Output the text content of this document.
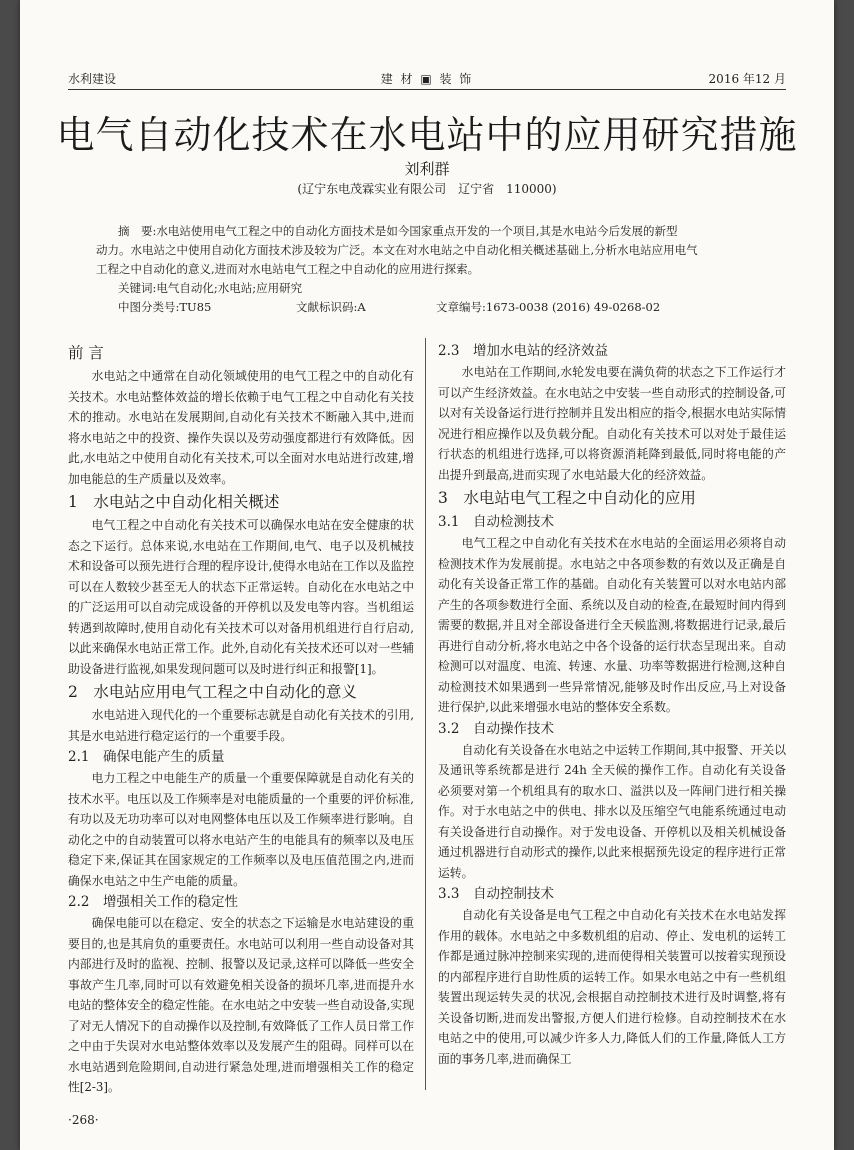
水利建设	建 材 ▣ 装 饰	2016 年12 月
电气自动化技术在水电站中的应用研究措施
刘利群
(辽宁东电茂霖实业有限公司　辽宁省　110000)

摘　要:水电站使用电气工程之中的自动化方面技术是如今国家重点开发的一个项目,其是水电站今后发展的新型

动力。水电站之中使用自动化方面技术涉及较为广泛。本文在对水电站之中自动化相关概述基础上,分析水电站应用电气

工程之中自动化的意义,进而对水电站电气工程之中自动化的应用进行探索。

关键词:电气自动化;水电站;应用研究
中图分类号:TU85	文献标识码:A	文章编号:1673-0038 (2016) 49-0268-02
前 言

水电站之中通常在自动化领域使用的电气工程之中的自动化有关技术。水电站整体效益的增长依赖于电气工程之中自动化有关技术的推动。水电站在发展期间,自动化有关技术不断融入其中,进而将水电站之中的投资、操作失误以及劳动强度都进行有效降低。因此,水电站之中使用自动化有关技术,可以全面对水电站进行改建,增加电能总的生产质量以及效率。

1　水电站之中自动化相关概述

电气工程之中自动化有关技术可以确保水电站在安全健康的状态之下运行。总体来说,水电站在工作期间,电气、电子以及机械技术和设备可以预先进行合理的程序设计,使得水电站在工作以及监控可以在人数较少甚至无人的状态下正常运转。自动化在水电站之中的广泛运用可以自动完成设备的开停机以及发电等内容。当机组运转遇到故障时,使用自动化有关技术可以对备用机组进行自行启动,以此来确保水电站正常工作。此外,自动化有关技术还可以对一些辅助设备进行监视,如果发现问题可以及时进行纠正和报警[1]。

2　水电站应用电气工程之中自动化的意义

水电站进入现代化的一个重要标志就是自动化有关技术的引用,其是水电站进行稳定运行的一个重要手段。

2.1　确保电能产生的质量

电力工程之中电能生产的质量一个重要保障就是自动化有关的技术水平。电压以及工作频率是对电能质量的一个重要的评价标准,有功以及无功功率可以对电网整体电压以及工作频率进行影响。自动化之中的自动装置可以将水电站产生的电能具有的频率以及电压稳定下来,保证其在国家规定的工作频率以及电压值范围之内,进而确保水电站之中生产电能的质量。

2.2　增强相关工作的稳定性

确保电能可以在稳定、安全的状态之下运输是水电站建设的重要目的,也是其肩负的重要责任。水电站可以利用一些自动设备对其内部进行及时的监视、控制、报警以及记录,这样可以降低一些安全事故产生几率,同时可以有效避免相关设备的损坏几率,进而提升水电站的整体安全的稳定性能。在水电站之中安装一些自动设备,实现了对无人情况下的自动操作以及控制,有效降低了工作人员日常工作之中由于失误对水电站整体效率以及发展产生的阻碍。同样可以在水电站遇到危险期间,自动进行紧急处理,进而增强相关工作的稳定性[2-3]。

2.3　增加水电站的经济效益

水电站在工作期间,水轮发电要在满负荷的状态之下工作运行才可以产生经济效益。在水电站之中安装一些自动形式的控制设备,可以对有关设备运行进行控制并且发出相应的指令,根据水电站实际情况进行相应操作以及负载分配。自动化有关技术可以对处于最佳运行状态的机组进行选择,可以将资源消耗降到最低,同时将电能的产出提升到最高,进而实现了水电站最大化的经济效益。

3　水电站电气工程之中自动化的应用
3.1　自动检测技术

电气工程之中自动化有关技术在水电站的全面运用必须将自动检测技术作为发展前提。水电站之中各项参数的有效以及正确是自动化有关设备正常工作的基础。自动化有关装置可以对水电站内部产生的各项参数进行全面、系统以及自动的检查,在最短时间内得到需要的数据,并且对全部设备进行全天候监测,将数据进行记录,最后再进行自动分析,将水电站之中各个设备的运行状态呈现出来。自动检测可以对温度、电流、转速、水量、功率等数据进行检测,这种自动检测技术如果遇到一些异常情况,能够及时作出反应,马上对设备进行保护,以此来增强水电站的整体安全系数。

3.2　自动操作技术

自动化有关设备在水电站之中运转工作期间,其中报警、开关以及通讯等系统都是进行 24h 全天候的操作工作。自动化有关设备必须要对第一个机组具有的取水口、溢洪以及一阵闸门进行相关操作。对于水电站之中的供电、排水以及压缩空气电能系统通过电动有关设备进行自动操作。对于发电设备、开停机以及相关机械设备通过机器进行自动形式的操作,以此来根据预先设定的程序进行正常运转。

3.3　自动控制技术

自动化有关设备是电气工程之中自动化有关技术在水电站发挥作用的载体。水电站之中多数机组的启动、停止、发电机的运转工作都是通过脉冲控制来实现的,进而使得相关装置可以按着实现预设的内部程序进行自助性质的运转工作。如果水电站之中有一些机组装置出现运转失灵的状况,会根据自动控制技术进行及时调整,将有关设备切断,进而发出警报,方便人们进行检修。自动控制技术在水电站之中的使用,可以减少许多人力,降低人们的工作量,降低人工方面的事务几率,进而确保工

·268·
